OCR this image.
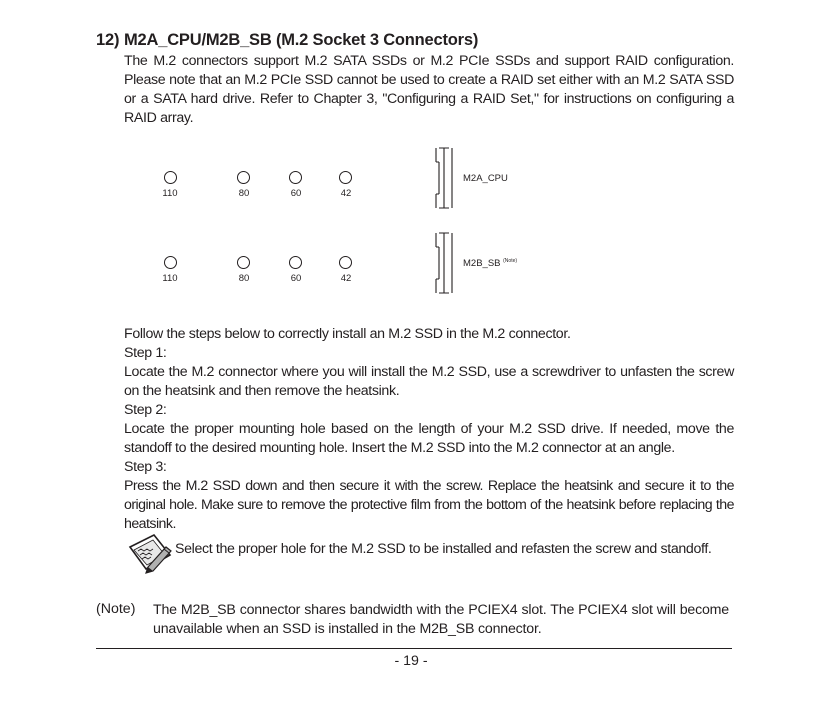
12) M2A_CPU/M2B_SB (M.2 Socket 3 Connectors)
The M.2 connectors support M.2 SATA SSDs or M.2 PCIe SSDs and support RAID configuration. Please note that an M.2 PCIe SSD cannot be used to create a RAID set either with an M.2 SATA SSD or a SATA hard drive. Refer to Chapter 3, "Configuring a RAID Set," for instructions on configuring a RAID array.
110	80	60	42
M2A_CPU
110	80	60	42
M2B_SB $^{(Note)}$

Follow the steps below to correctly install an M.2 SSD in the M.2 connector.

Step 1:

Locate the M.2 connector where you will install the M.2 SSD, use a screwdriver to unfasten the screw on the heatsink and then remove the heatsink.

Step 2:

Locate the proper mounting hole based on the length of your M.2 SSD drive. If needed, move the standoff to the desired mounting hole. Insert the M.2 SSD into the M.2 connector at an angle.

Step 3:

Press the M.2 SSD down and then secure it with the screw. Replace the heatsink and secure it to the original hole. Make sure to remove the protective film from the bottom of the heatsink before replacing the heatsink.

Select the proper hole for the M.2 SSD to be installed and refasten the screw and standoff.
(Note) The M2B_SB connector shares bandwidth with the PCIEX4 slot. The PCIEX4 slot will become unavailable when an SSD is installed in the M2B_SB connector.
- 19 -
